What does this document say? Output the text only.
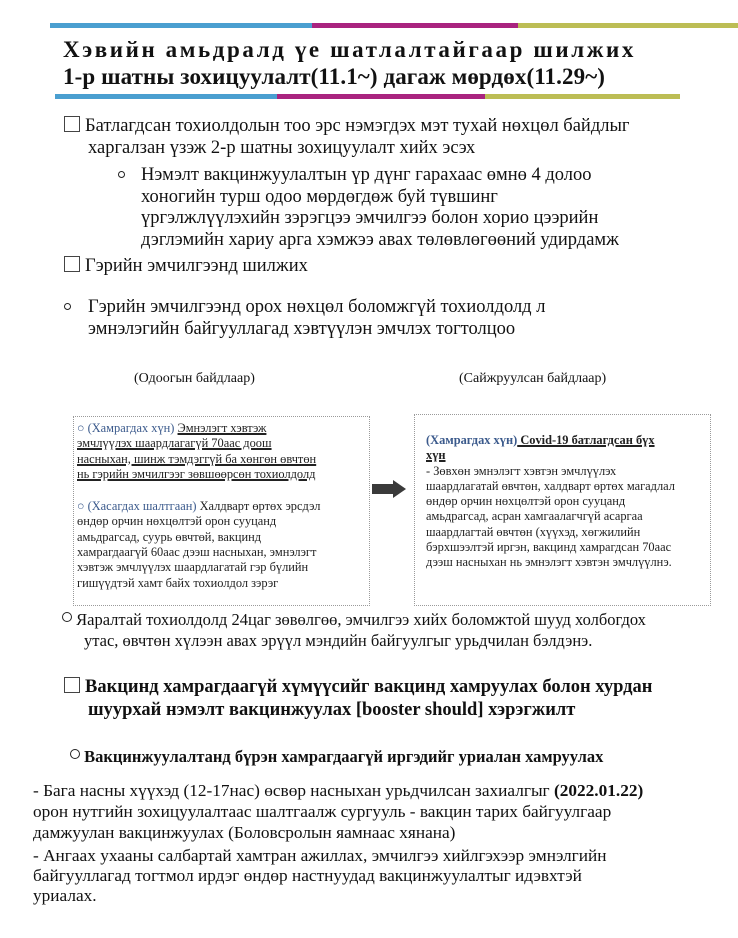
Хэвийн амьдралд үе шатлалтайгаар шилжих
1-р шатны зохицуулалт(11.1~) дагаж мөрдөх(11.29~)
Батлагдсан тохиолдолын тоо эрс нэмэгдэх мэт тухай нөхцөл байдлыг
харгалзан үзэж 2-р шатны зохицуулалт хийх эсэх
Нэмэлт вакцинжуулалтын үр дүнг гарахаас өмнө 4 долоо
хоногийн турш одоо мөрдөгдөж буй түвшинг
үргэлжлүүлэхийн зэрэгцээ эмчилгээ болон хорио цээрийн
дэглэмийн хариу арга хэмжээ авах төлөвлөгөөний удирдамж
Гэрийн эмчилгээнд шилжих
Гэрийн эмчилгээнд орох нөхцөл боломжгүй тохиолдолд л
эмнэлэгийн байгууллагад хэвтүүлэн эмчлэх тогтолцоо
(Одоогын байдлаар)	(Сайжруулсан байдлаар)
○ (Хамрагдах хүн) Эмнэлэгт хэвтэж
эмчлүүлэх шаардлагагүй 70аас доош
насныхан, шинж тэмдэггүй ба хөнгөн өвчтөн
нь гэрийн эмчилгээг зөвшөөрсөн тохиолдолд
○ (Хасагдах шалтгаан) Халдварт өртөх эрсдэл
өндөр орчин нөхцөлтэй орон сууцанд
амьдрагсад, суурь өвчтөй, вакцинд
хамрагдаагүй 60аас дээш насныхан, эмнэлэгт
хэвтэж эмчлүүлэх шаардлагатай гэр бүлийн
гишүүдтэй хамт байх тохиолдол зэрэг
(Хамрагдах хүн) Covid-19 батлагдсан бүх
хүн
- Зөвхөн эмнэлэгт хэвтэн эмчлүүлэх
шаардлагатай өвчтөн, халдварт өртөх магадлал
өндөр орчин нөхцөлтэй орон сууцанд
амьдрагсад, асран хамгаалагчгүй асаргаа
шаардлагтай өвчтөн (хүүхэд, хөгжилийн
бэрхшээлтэй иргэн, вакцинд хамрагдсан 70аас
дээш насныхан нь эмнэлэгт хэвтэн эмчлүүлнэ.
Яаралтай тохиолдолд 24цаг зөвөлгөө, эмчилгээ хийх боломжтой шууд холбогдох
утас, өвчтөн хүлээн авах эрүүл мэндийн байгуулгыг урьдчилан бэлдэнэ.
Вакцинд хамрагдаагүй хүмүүсийг вакцинд хамруулах болон хурдан
шуурхай нэмэлт вакцинжуулах [booster should] хэрэгжилт
Вакцинжуулалтанд бүрэн хамрагдаагүй иргэдийг уриалан хамруулах
- Бага насны хүүхэд (12-17нас) өсвөр насныхан урьдчилсан захиалгыг (2022.01.22)
орон нутгийн зохицуулалтаас шалтгаалж сургууль - вакцин тарих байгуулгаар
дамжуулан вакцинжуулах (Боловсролын яамнаас хянана)
- Ангаах ухааны салбартай хамтран ажиллах, эмчилгээ хийлгэхээр эмнэлгийн
байгууллагад тогтмол ирдэг өндөр настнуудад вакцинжуулалтыг идэвхтэй
уриалах.
